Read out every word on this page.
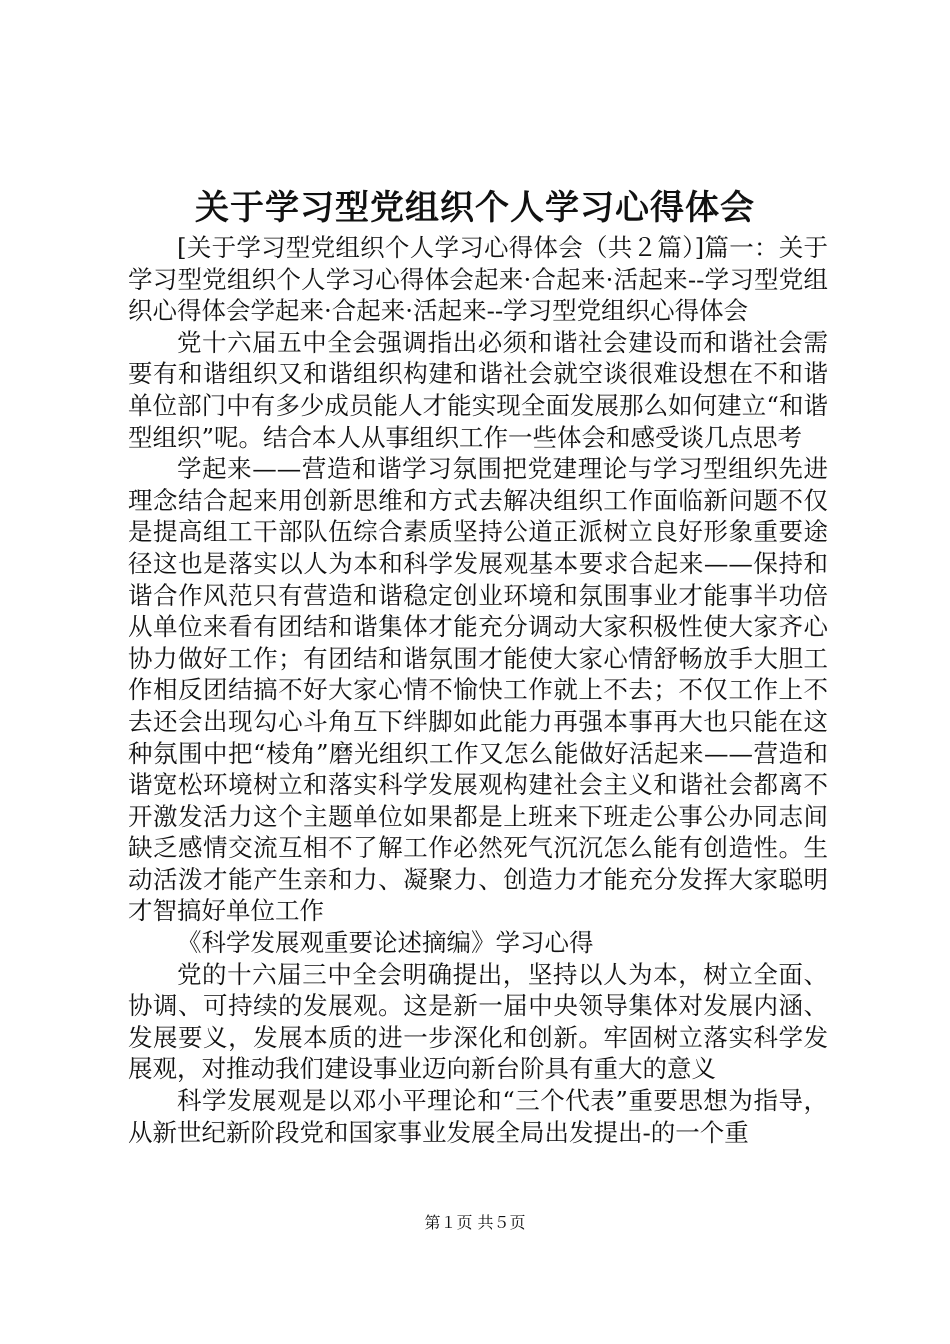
关于学习型党组织个人学习心得体会

[关于学习型党组织个人学习心得体会（共２篇）]篇一：关于学习型党组织个人学习心得体会起来·合起来·活起来--学习型党组织心得体会学起来·合起来·活起来--学习型党组织心得体会

党十六届五中全会强调指出必须和谐社会建设而和谐社会需要有和谐组织又和谐组织构建和谐社会就空谈很难设想在不和谐单位部门中有多少成员能人才能实现全面发展那么如何建立“和谐型组织”呢。结合本人从事组织工作一些体会和感受谈几点思考

学起来——营造和谐学习氛围把党建理论与学习型组织先进理念结合起来用创新思维和方式去解决组织工作面临新问题不仅是提高组工干部队伍综合素质坚持公道正派树立良好形象重要途径这也是落实以人为本和科学发展观基本要求合起来——保持和谐合作风范只有营造和谐稳定创业环境和氛围事业才能事半功倍从单位来看有团结和谐集体才能充分调动大家积极性使大家齐心协力做好工作；有团结和谐氛围才能使大家心情舒畅放手大胆工作相反团结搞不好大家心情不愉快工作就上不去；不仅工作上不去还会出现勾心斗角互下绊脚如此能力再强本事再大也只能在这种氛围中把“棱角”磨光组织工作又怎么能做好活起来——营造和谐宽松环境树立和落实科学发展观构建社会主义和谐社会都离不开激发活力这个主题单位如果都是上班来下班走公事公办同志间缺乏感情交流互相不了解工作必然死气沉沉怎么能有创造性。生动活泼才能产生亲和力、凝聚力、创造力才能充分发挥大家聪明才智搞好单位工作

《科学发展观重要论述摘编》学习心得

党的十六届三中全会明确提出，坚持以人为本，树立全面、协调、可持续的发展观。这是新一届中央领导集体对发展内涵、发展要义，发展本质的进一步深化和创新。牢固树立落实科学发展观，对推动我们建设事业迈向新台阶具有重大的意义

科学发展观是以邓小平理论和“三个代表”重要思想为指导，从新世纪新阶段党和国家事业发展全局出发提出-的一个重

第１页 共５页
